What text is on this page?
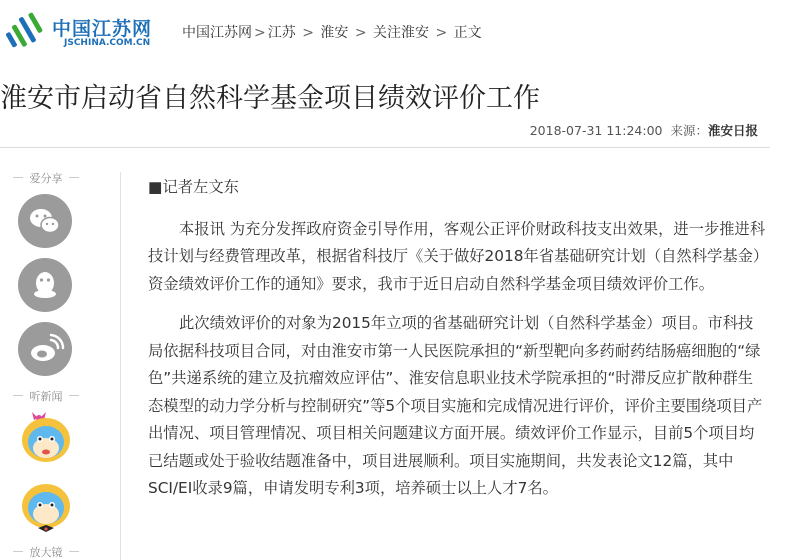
中国江苏网
JSCHINA.COM.CN
中国江苏网 > 江苏 > 淮安 > 关注淮安 > 正文
淮安市启动省自然科学基金项目绩效评价工作
2018-07-31 11:24:00 来源：淮安日报
爱分享
听新闻
放大镜

■记者左文东

本报讯 为充分发挥政府资金引导作用，客观公正评价财政科技支出效果，进一步推进科技计划与经费管理改革，根据省科技厅《关于做好2018年省基础研究计划（自然科学基金）资金绩效评价工作的通知》要求，我市于近日启动自然科学基金项目绩效评价工作。

此次绩效评价的对象为2015年立项的省基础研究计划（自然科学基金）项目。市科技局依据科技项目合同，对由淮安市第一人民医院承担的“新型靶向多药耐药结肠癌细胞的“绿色”共递系统的建立及抗瘤效应评估”、淮安信息职业技术学院承担的“时滞反应扩散种群生态模型的动力学分析与控制研究”等5个项目实施和完成情况进行评价，评价主要围绕项目产出情况、项目管理情况、项目相关问题建议方面开展。绩效评价工作显示，目前5个项目均已结题或处于验收结题准备中，项目进展顺利。项目实施期间，共发表论文12篇，其中SCI/EI收录9篇，申请发明专利3项，培养硕士以上人才7名。
